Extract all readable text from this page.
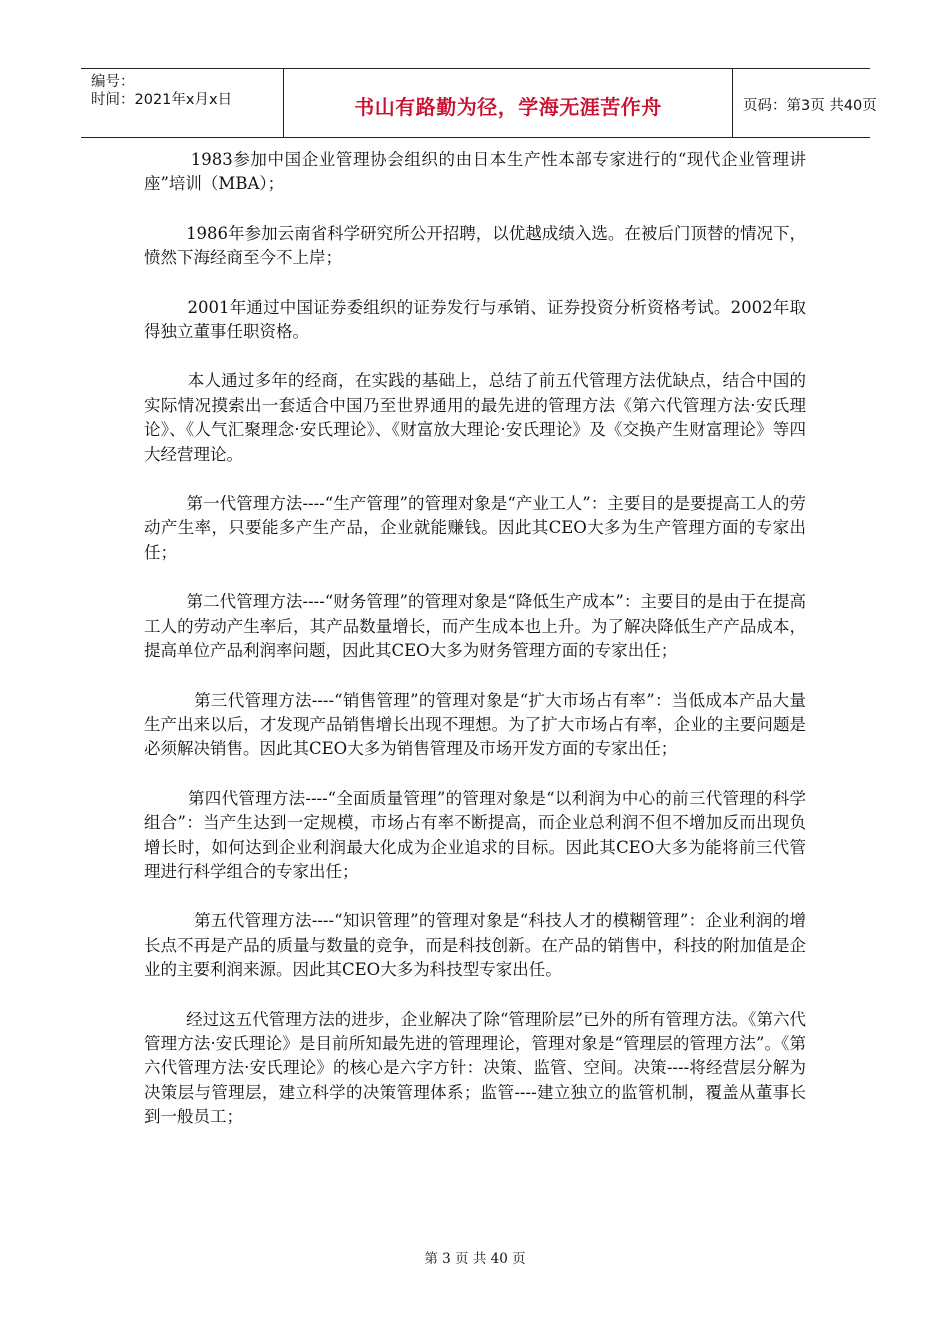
编号：
时间：2021年x月x日	书山有路勤为径，学海无涯苦作舟	页码：第3页 共40页

1983参加中国企业管理协会组织的由日本生产性本部专家进行的“现代企业管理讲座”培训（MBA）；

1986年参加云南省科学研究所公开招聘，以优越成绩入选。在被后门顶替的情况下，愤然下海经商至今不上岸；

2001年通过中国证券委组织的证券发行与承销、证券投资分析资格考试。2002年取得独立董事任职资格。

本人通过多年的经商，在实践的基础上，总结了前五代管理方法优缺点，结合中国的实际情况摸索出一套适合中国乃至世界通用的最先进的管理方法《第六代管理方法·安氏理论》、《人气汇聚理念·安氏理论》、《财富放大理论·安氏理论》及《交换产生财富理论》等四大经营理论。

第一代管理方法----“生产管理”的管理对象是“产业工人”：主要目的是要提高工人的劳动产生率，只要能多产生产品，企业就能赚钱。因此其CEO大多为生产管理方面的专家出任；

第二代管理方法----“财务管理”的管理对象是“降低生产成本”：主要目的是由于在提高工人的劳动产生率后，其产品数量增长，而产生成本也上升。为了解决降低生产产品成本，提高单位产品利润率问题，因此其CEO大多为财务管理方面的专家出任；

第三代管理方法----“销售管理”的管理对象是“扩大市场占有率”：当低成本产品大量生产出来以后，才发现产品销售增长出现不理想。为了扩大市场占有率，企业的主要问题是必须解决销售。因此其CEO大多为销售管理及市场开发方面的专家出任；

第四代管理方法----“全面质量管理”的管理对象是“以利润为中心的前三代管理的科学组合”：当产生达到一定规模，市场占有率不断提高，而企业总利润不但不增加反而出现负增长时，如何达到企业利润最大化成为企业追求的目标。因此其CEO大多为能将前三代管理进行科学组合的专家出任；

第五代管理方法----“知识管理”的管理对象是“科技人才的模糊管理”：企业利润的增长点不再是产品的质量与数量的竞争，而是科技创新。在产品的销售中，科技的附加值是企业的主要利润来源。因此其CEO大多为科技型专家出任。

经过这五代管理方法的进步，企业解决了除“管理阶层”已外的所有管理方法。《第六代管理方法·安氏理论》是目前所知最先进的管理理论，管理对象是“管理层的管理方法”。《第六代管理方法·安氏理论》的核心是六字方针：决策、监管、空间。决策----将经营层分解为决策层与管理层，建立科学的决策管理体系；监管----建立独立的监管机制，覆盖从董事长到一般员工；

第 3 页 共 40 页
